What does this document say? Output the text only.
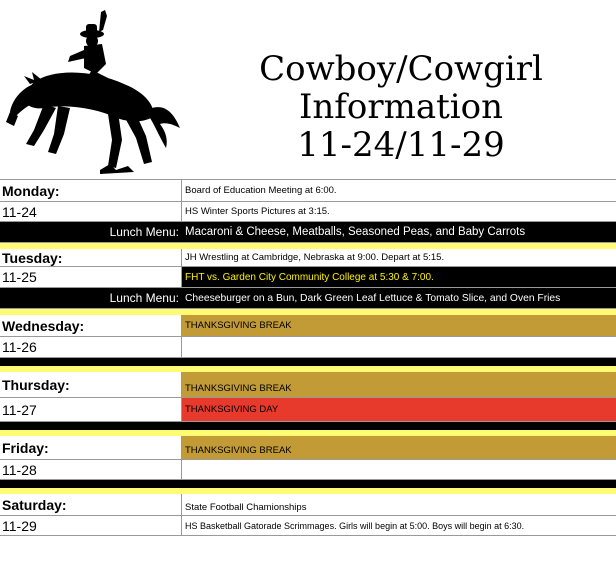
Cowboy/Cowgirl
Information
11-24/11-29
Monday:	Board of Education Meeting at 6:00.
11-24	HS Winter Sports Pictures at 3:15.
Lunch Menu: Macaroni & Cheese, Meatballs, Seasoned Peas, and Baby Carrots
Tuesday:	JH Wrestling at Cambridge, Nebraska at 9:00. Depart at 5:15.
11-25	FHT vs. Garden City Community College at 5:30 & 7:00.
Lunch Menu: Cheeseburger on a Bun, Dark Green Leaf Lettuce & Tomato Slice, and Oven Fries
Wednesday:	THANKSGIVING BREAK
11-26
Thursday:	THANKSGIVING BREAK
11-27	THANKSGIVING DAY
Friday:	THANKSGIVING BREAK
11-28
Saturday:	State Football Chamionships
11-29	HS Basketball Gatorade Scrimmages. Girls will begin at 5:00. Boys will begin at 6:30.
